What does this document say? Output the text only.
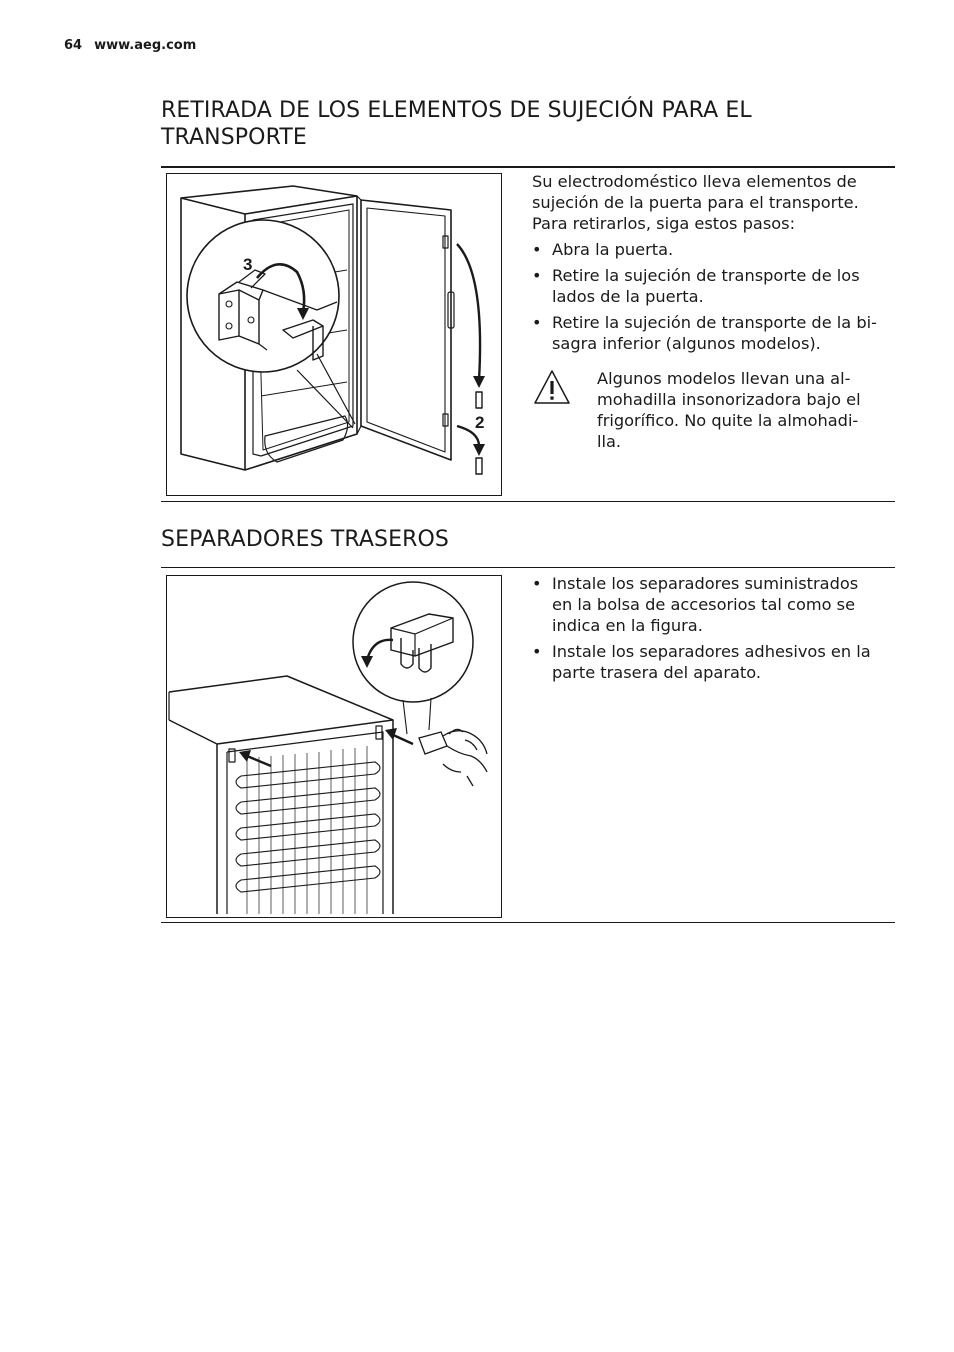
64 www.aeg.com
RETIRADA DE LOS ELEMENTOS DE SUJECIÓN PARA EL
TRANSPORTE
3
2

Su electrodoméstico lleva elementos de
sujeción de la puerta para el transporte.
Para retirarlos, siga estos pasos:

• Abra la puerta.
• Retire la sujeción de transporte de los
lados de la puerta.
• Retire la sujeción de transporte de la bi-
sagra inferior (algunos modelos).
Algunos modelos llevan una al-
mohadilla insonorizadora bajo el
frigorífico. No quite la almohadi-
lla.
SEPARADORES TRASEROS
• Instale los separadores suministrados
en la bolsa de accesorios tal como se
indica en la figura.
• Instale los separadores adhesivos en la
parte trasera del aparato.
